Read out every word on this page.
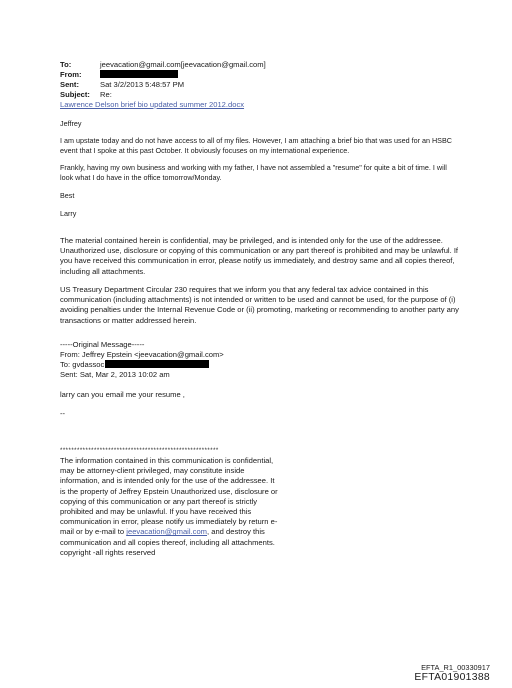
To:	jeevacation@gmail.com[jeevacation@gmail.com]
From:
Sent:	Sat 3/2/2013 5:48:57 PM
Subject: Re:
Lawrence Delson brief bio updated summer 2012.docx
Jeffrey
I am upstate today and do not have access to all of my files. However, I am attaching a brief bio that was used for an HSBC event that I spoke at this past October. It obviously focuses on my international experience.
Frankly, having my own business and working with my father, I have not assembled a "resume" for quite a bit of time. I will look what I do have in the office tomorrow/Monday.
Best
Larry
The material contained herein is confidential, may be privileged, and is intended only for the use of the addressee. Unauthorized use, disclosure or copying of this communication or any part thereof is prohibited and may be unlawful. If you have received this communication in error, please notify us immediately, and destroy same and all copies thereof, including all attachments.
US Treasury Department Circular 230 requires that we inform you that any federal tax advice contained in this communication (including attachments) is not intended or written to be used and cannot be used, for the purpose of (i) avoiding penalties under the Internal Revenue Code or (ii) promoting, marketing or recommending to another party any transactions or matter addressed herein.
-----Original Message-----
From: Jeffrey Epstein <jeevacation@gmail.com>
To: gvdassoc
Sent: Sat, Mar 2, 2013 10:02 am
larry can you email me your resume ,
--
********************************************************
The information contained in this communication is confidential, may be attorney-client privileged, may constitute inside information, and is intended only for the use of the addressee. It is the property of Jeffrey Epstein Unauthorized use, disclosure or copying of this communication or any part thereof is strictly prohibited and may be unlawful. If you have received this communication in error, please notify us immediately by return e-mail or by e-mail to jeevacation@gmail.com, and destroy this communication and all copies thereof, including all attachments. copyright -all rights reserved
EFTA_R1_00330917
EFTA01901388
